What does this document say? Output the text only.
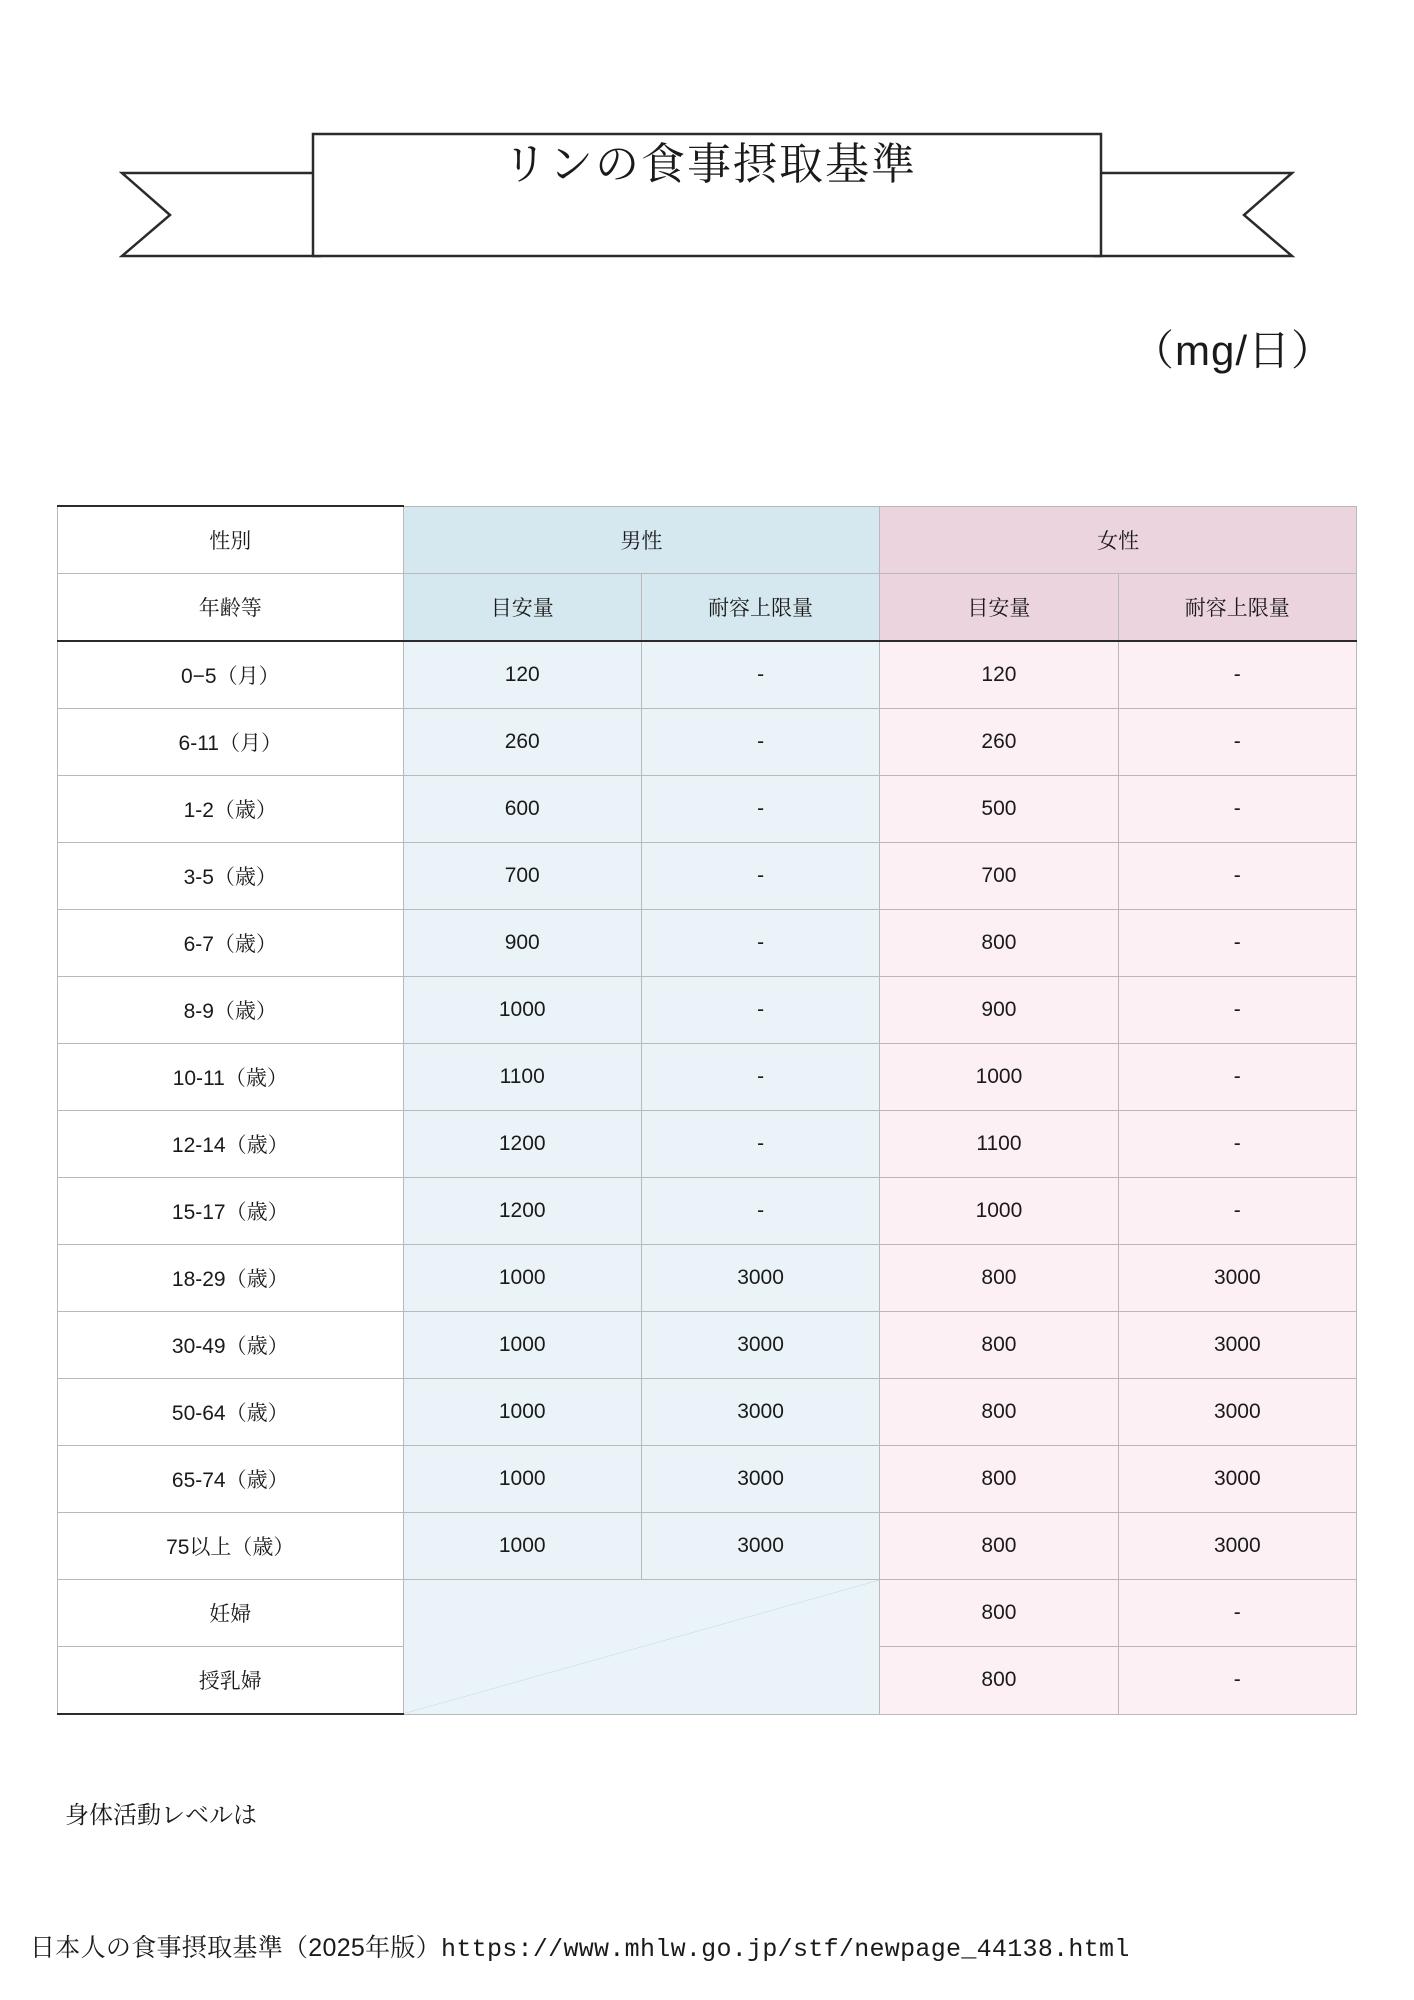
リンの食事摂取基準
（mg/日）
性別	男性		女性	
年齢等	目安量	耐容上限量	目安量	耐容上限量
0−5（月）	120	-	120	-
6-11（月）	260	-	260	-
1-2（歳）	600	-	500	-
3-5（歳）	700	-	700	-
6-7（歳）	900	-	800	-
8-9（歳）	1000	-	900	-
10-11（歳）	1100	-	1000	-
12-14（歳）	1200	-	1100	-
15-17（歳）	1200	-	1000	-
18-29（歳）	1000	3000	800	3000
30-49（歳）	1000	3000	800	3000
50-64（歳）	1000	3000	800	3000
65-74（歳）	1000	3000	800	3000
75以上（歳）	1000	3000	800	3000
妊婦			800	-
授乳婦			800	-
身体活動レベルは
日本人の食事摂取基準（2025年版）https://www.mhlw.go.jp/stf/newpage_44138.html
